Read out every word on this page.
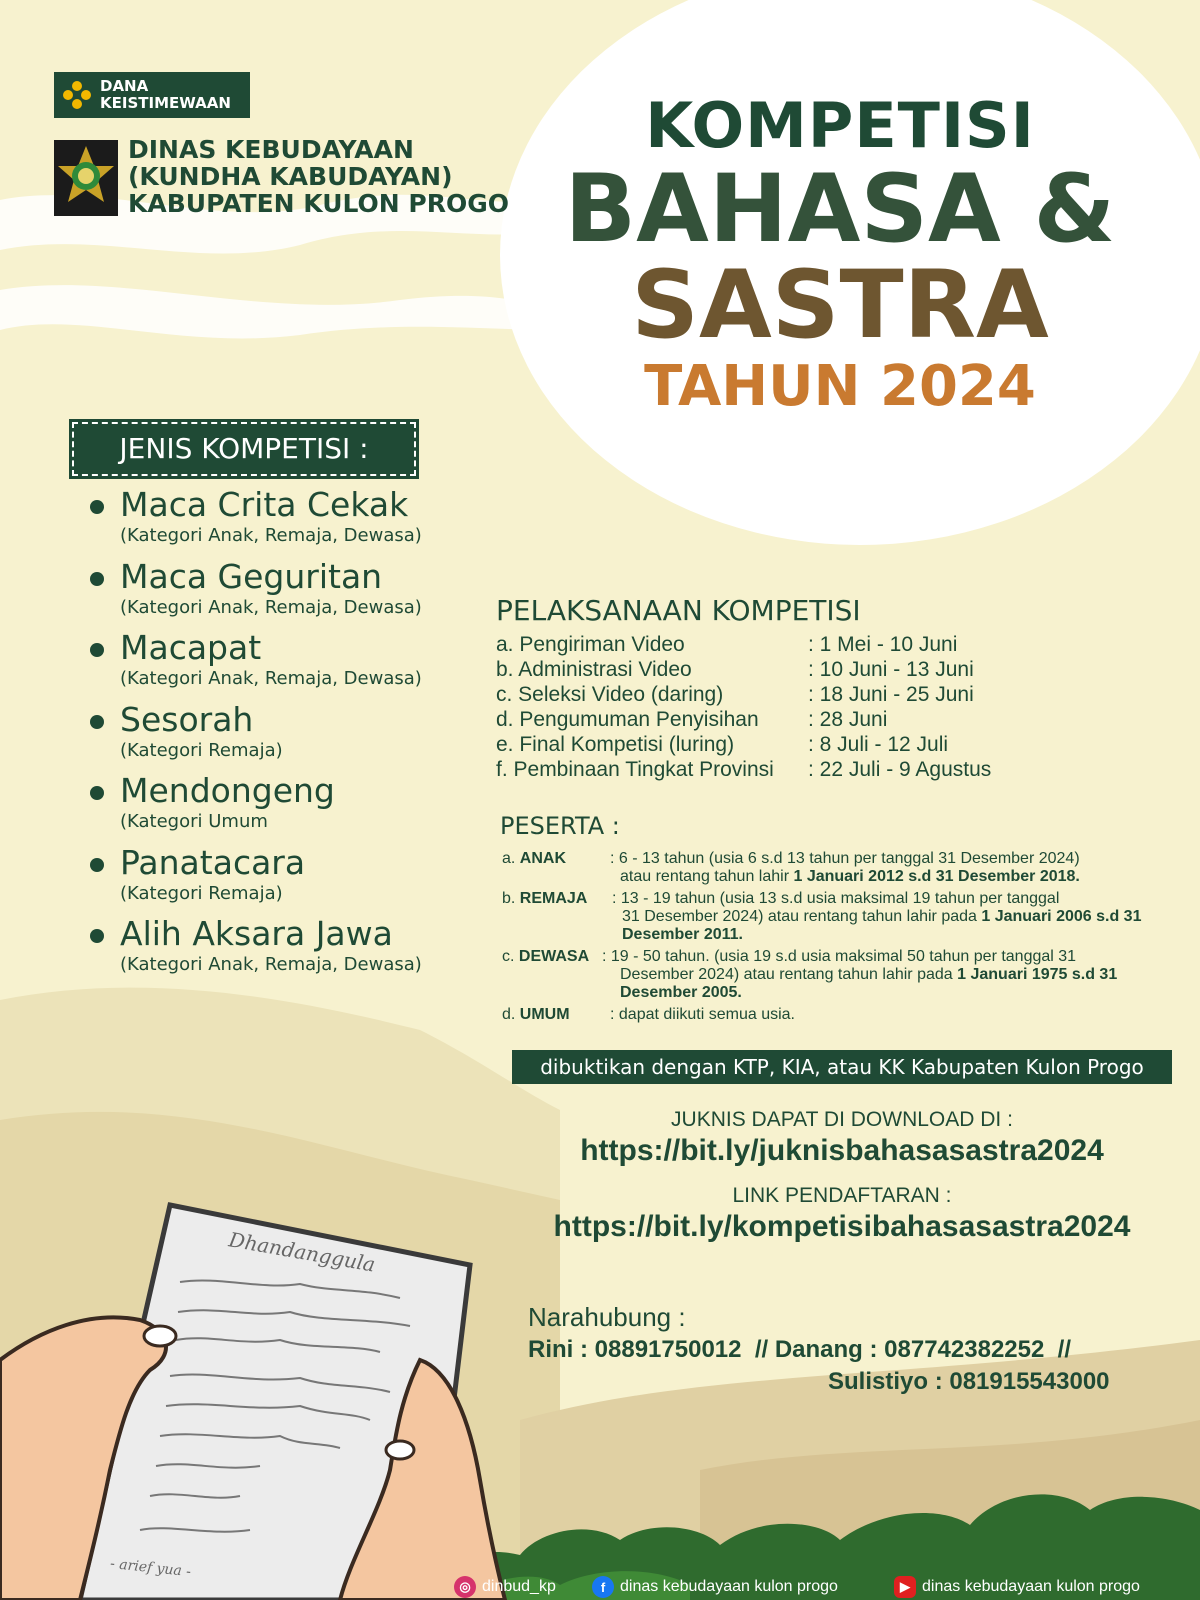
Dhandanggula
- arief yua -
DANA
KEISTIMEWAAN
DINAS KEBUDAYAAN
(KUNDHA KABUDAYAN)
KABUPATEN KULON PROGO
KOMPETISI
BAHASA &
SASTRA
TAHUN 2024
JENIS KOMPETISI :
Maca Crita Cekak
(Kategori Anak, Remaja, Dewasa)
Maca Geguritan
(Kategori Anak, Remaja, Dewasa)
Macapat
(Kategori Anak, Remaja, Dewasa)
Sesorah
(Kategori Remaja)
Mendongeng
(Kategori Umum
Panatacara
(Kategori Remaja)
Alih Aksara Jawa
(Kategori Anak, Remaja, Dewasa)
PELAKSANAAN KOMPETISI
a. Pengiriman Video	: 1 Mei - 10 Juni
b. Administrasi Video	: 10 Juni - 13 Juni
c. Seleksi Video (daring)	: 18 Juni - 25 Juni
d. Pengumuman Penyisihan : 28 Juni
e. Final Kompetisi (luring)	: 8 Juli - 12 Juli
f. Pembinaan Tingkat Provinsi : 22 Juli - 9 Agustus
PESERTA :
a. ANAK	: 6 - 13 tahun (usia 6 s.d 13 tahun per tanggal 31 Desember 2024)
atau rentang tahun lahir 1 Januari 2012 s.d 31 Desember 2018.
b. REMAJA : 13 - 19 tahun (usia 13 s.d usia maksimal 19 tahun per tanggal
31 Desember 2024) atau rentang tahun lahir pada 1 Januari 2006 s.d 31 Desember 2011.
c. DEWASA : 19 - 50 tahun. (usia 19 s.d usia maksimal 50 tahun per tanggal 31
Desember 2024) atau rentang tahun lahir pada 1 Januari 1975 s.d 31 Desember 2005.
d. UMUM	: dapat diikuti semua usia.
dibuktikan dengan KTP, KIA, atau KK Kabupaten Kulon Progo
JUKNIS DAPAT DI DOWNLOAD DI :
https://bit.ly/juknisbahasasastra2024
LINK PENDAFTARAN :
https://bit.ly/kompetisibahasasastra2024
Narahubung :
Rini : 08891750012  // Danang : 087742382252  //
Sulistiyo : 081915543000
◎ dinbud_kp	f dinas kebudayaan kulon progo	▶ dinas kebudayaan kulon progo
